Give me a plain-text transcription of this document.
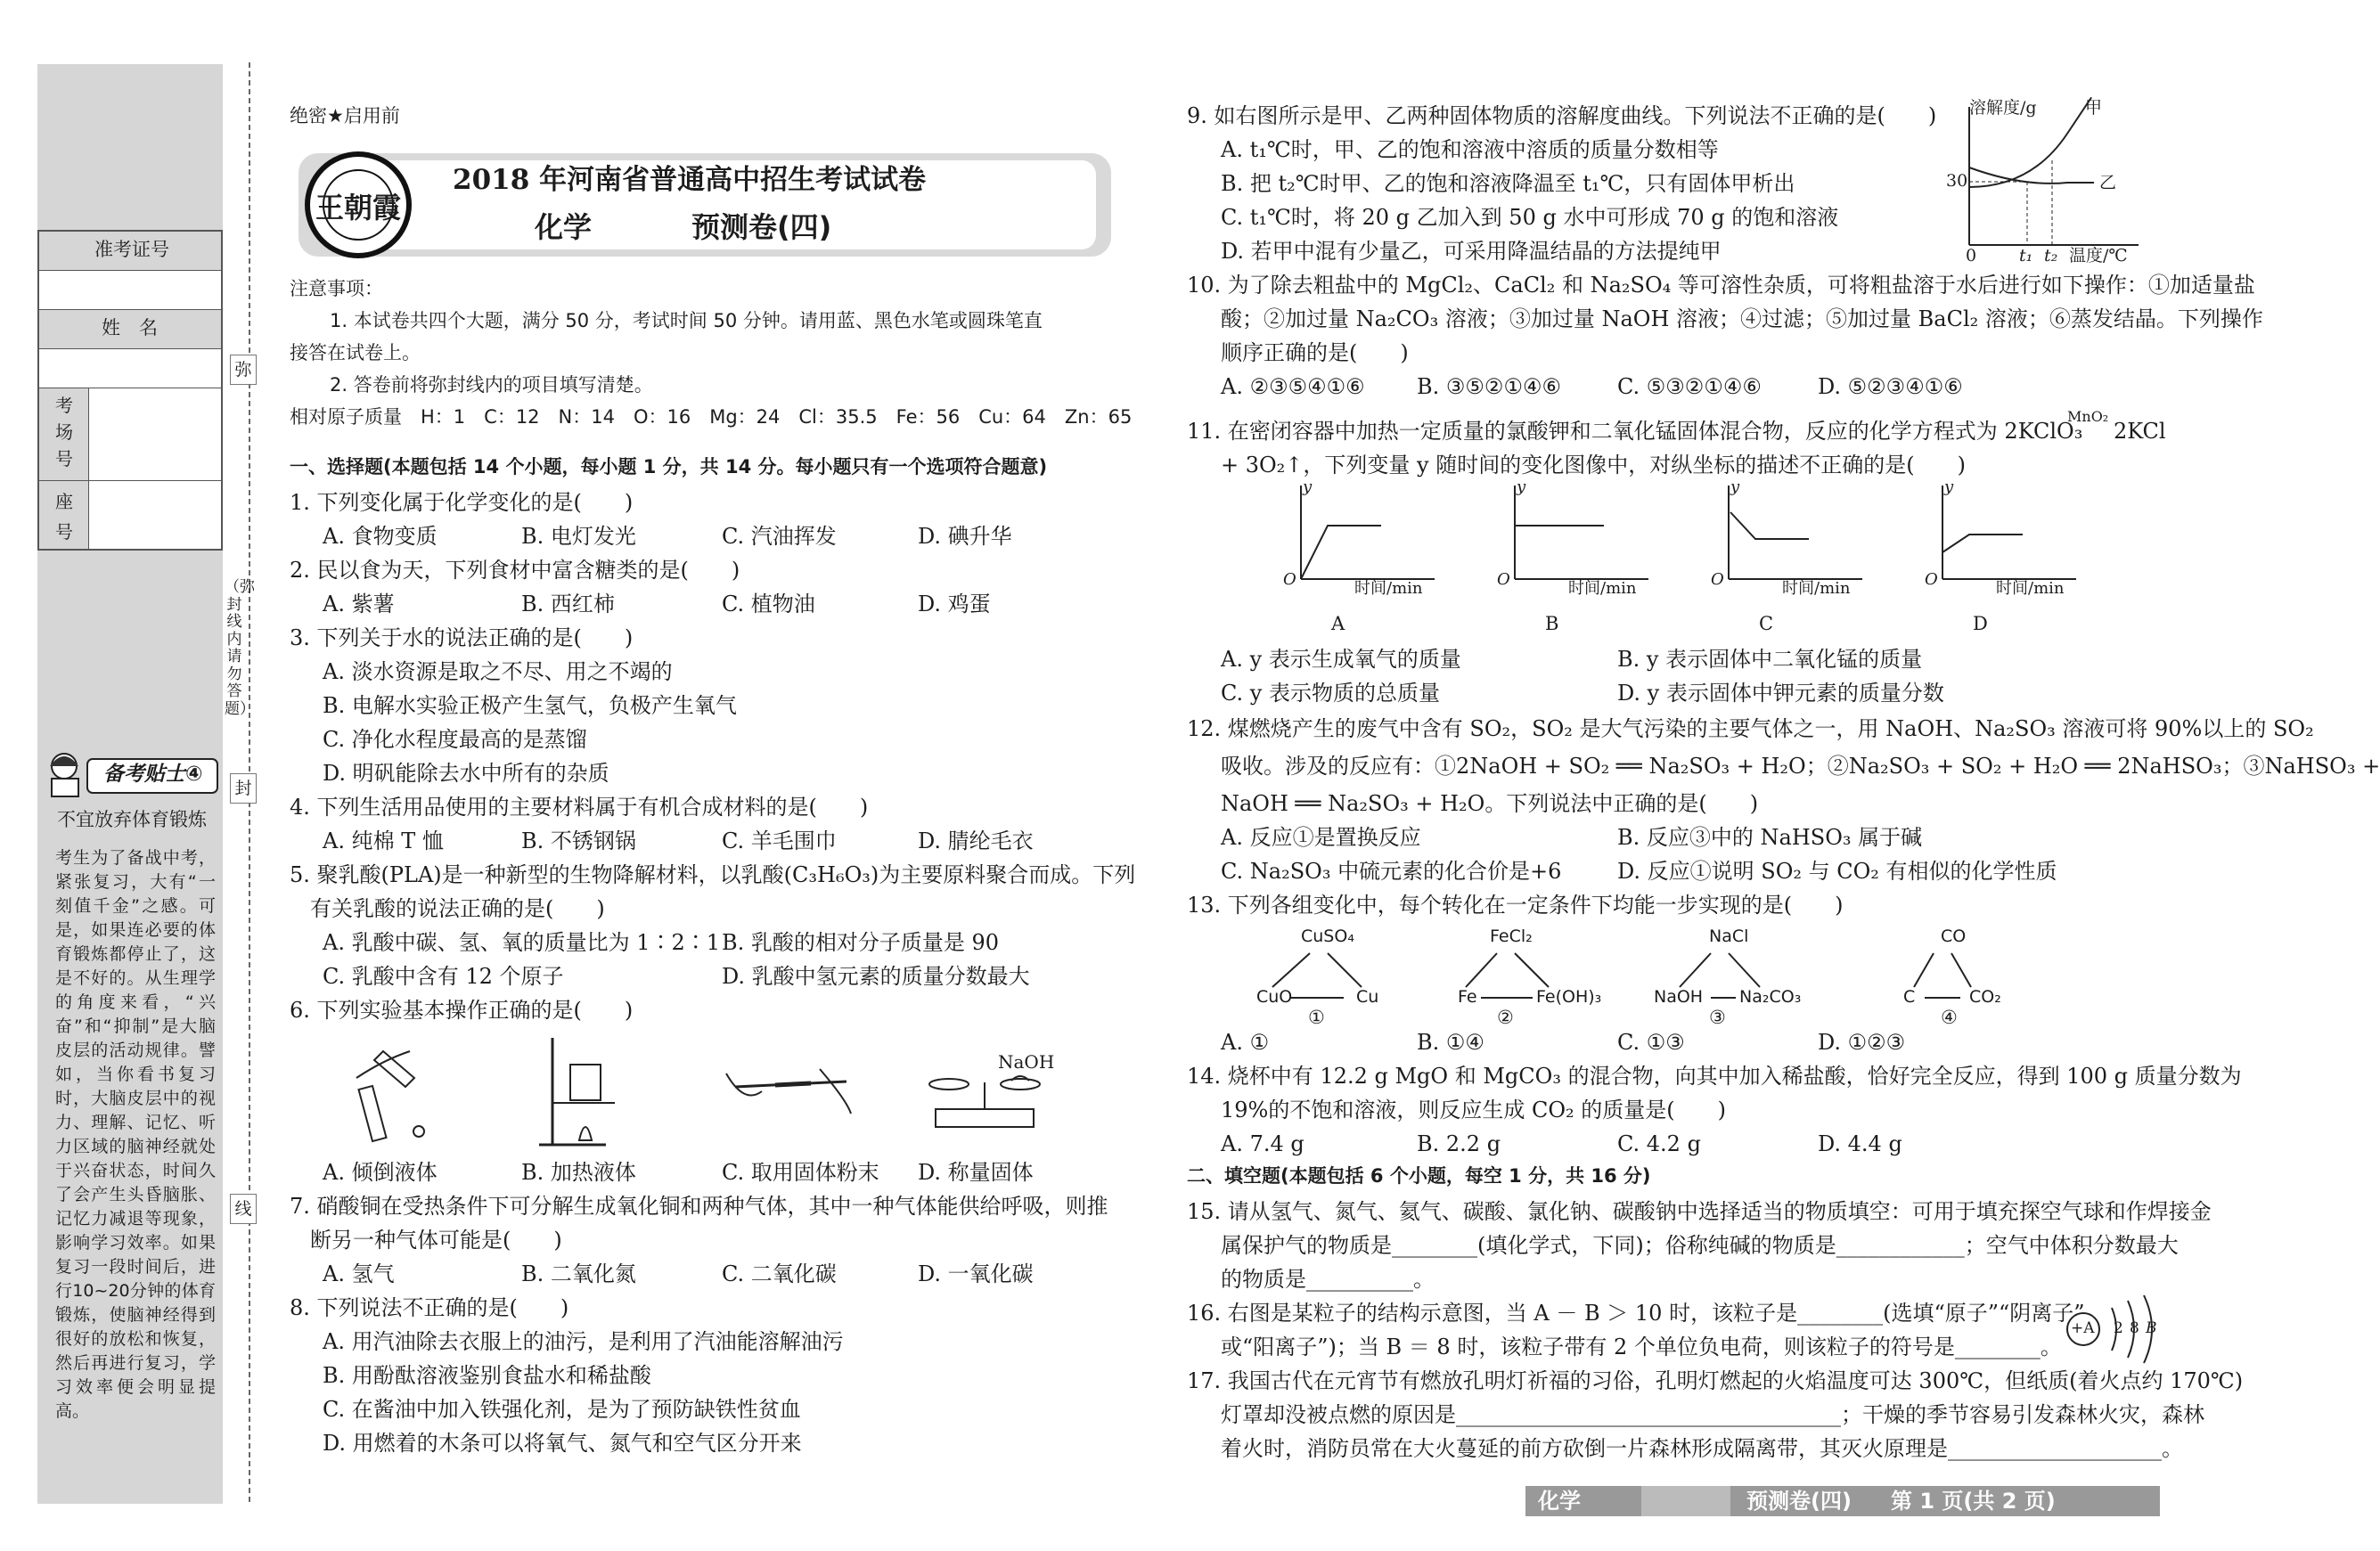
准考证号
姓　名
考 场 号
座 号
弥
封
线
（弥封线内请勿答题）
备考贴士④
不宜放弃体育锻炼
考生为了备战中考，紧张复习，大有“一刻值千金”之感。可是，如果连必要的体育锻炼都停止了，这是不好的。从生理学的角度来看，“兴奋”和“抑制”是大脑皮层的活动规律。譬如，当你看书复习时，大脑皮层中的视力、理解、记忆、听力区域的脑神经就处于兴奋状态，时间久了会产生头昏脑胀、记忆力减退等现象，影响学习效率。如果复习一段时间后，进行10~20分钟的体育锻炼，使脑神经得到很好的放松和恢复，然后再进行复习，学习效率便会明显提高。
绝密★启用前
王朝霞
2018 年河南省普通高中招生考试试卷
化学	预测卷(四)
注意事项：
1. 本试卷共四个大题，满分 50 分，考试时间 50 分钟。请用蓝、黑色水笔或圆珠笔直
接答在试卷上。
2. 答卷前将弥封线内的项目填写清楚。
相对原子质量　H：1　C：12　N：14　O：16　Mg：24　Cl：35.5　Fe：56　Cu：64　Zn：65
一、选择题(本题包括 14 个小题，每小题 1 分，共 14 分。每小题只有一个选项符合题意)
1. 下列变化属于化学变化的是(　　)
A. 食物变质	B. 电灯发光	C. 汽油挥发	D. 碘升华
2. 民以食为天，下列食材中富含糖类的是(　　)
A. 紫薯	B. 西红柿	C. 植物油	D. 鸡蛋
3. 下列关于水的说法正确的是(　　)
A. 淡水资源是取之不尽、用之不竭的
B. 电解水实验正极产生氢气，负极产生氧气
C. 净化水程度最高的是蒸馏
D. 明矾能除去水中所有的杂质
4. 下列生活用品使用的主要材料属于有机合成材料的是(　　)
A. 纯棉 T 恤	B. 不锈钢锅	C. 羊毛围巾	D. 腈纶毛衣
5. 聚乳酸(PLA)是一种新型的生物降解材料，以乳酸(C₃H₆O₃)为主要原料聚合而成。下列
有关乳酸的说法正确的是(　　)
A. 乳酸中碳、氢、氧的质量比为 1∶2∶1 B. 乳酸的相对分子质量是 90
C. 乳酸中含有 12 个原子	D. 乳酸中氢元素的质量分数最大
6. 下列实验基本操作正确的是(　　)
NaOH
A. 倾倒液体	B. 加热液体	C. 取用固体粉末 D. 称量固体
7. 硝酸铜在受热条件下可分解生成氧化铜和两种气体，其中一种气体能供给呼吸，则推
断另一种气体可能是(　　)
A. 氢气	B. 二氧化氮	C. 二氧化碳	D. 一氧化碳
8. 下列说法不正确的是(　　)
A. 用汽油除去衣服上的油污，是利用了汽油能溶解油污
B. 用酚酞溶液鉴别食盐水和稀盐酸
C. 在酱油中加入铁强化剂，是为了预防缺铁性贫血
D. 用燃着的木条可以将氧气、氮气和空气区分开来
9. 如右图所示是甲、乙两种固体物质的溶解度曲线。下列说法不正确的是(　　)
A. t₁℃时，甲、乙的饱和溶液中溶质的质量分数相等
B. 把 t₂℃时甲、乙的饱和溶液降温至 t₁℃，只有固体甲析出
C. t₁℃时，将 20 g 乙加入到 50 g 水中可形成 70 g 的饱和溶液
D. 若甲中混有少量乙，可采用降温结晶的方法提纯甲
溶解度/g	甲
乙
30
0	t₁ t₂ 温度/℃
10. 为了除去粗盐中的 MgCl₂、CaCl₂ 和 Na₂SO₄ 等可溶性杂质，可将粗盐溶于水后进行如下操作：①加适量盐
酸；②加过量 Na₂CO₃ 溶液；③加过量 NaOH 溶液；④过滤；⑤加过量 BaCl₂ 溶液；⑥蒸发结晶。下列操作
顺序正确的是(　　)
A. ②③⑤④①⑥ B. ③⑤②①④⑥	C. ⑤③②①④⑥	D. ⑤②③④①⑥
11. 在密闭容器中加热一定质量的氯酸钾和二氧化锰固体混合物，反应的化学方程式为 2KClO₃
MnO₂
2KCl
+ 3O₂↑，下列变量 y 随时间的变化图像中，对纵坐标的描述不正确的是(　　)
y	y	y	y
O	O	O	O
时间/min	时间/min	时间/min	时间/min
A	B	C	D
A. y 表示生成氧气的质量	B. y 表示固体中二氧化锰的质量
C. y 表示物质的总质量	D. y 表示固体中钾元素的质量分数
12. 煤燃烧产生的废气中含有 SO₂，SO₂ 是大气污染的主要气体之一，用 NaOH、Na₂SO₃ 溶液可将 90%以上的 SO₂
吸收。涉及的反应有：①2NaOH + SO₂ ══ Na₂SO₃ + H₂O；②Na₂SO₃ + SO₂ + H₂O ══ 2NaHSO₃；③NaHSO₃ +
NaOH ══ Na₂SO₃ + H₂O。下列说法中正确的是(　　)
A. 反应①是置换反应	B. 反应③中的 NaHSO₃ 属于碱
C. Na₂SO₃ 中硫元素的化合价是+6	D. 反应①说明 SO₂ 与 CO₂ 有相似的化学性质
13. 下列各组变化中，每个转化在一定条件下均能一步实现的是(　　)
CuSO₄
CuO	Cu
①
FeCl₂
Fe	Fe(OH)₃
②
NaCl
NaOH Na₂CO₃
③
CO
C	CO₂
④
A. ①	B. ①④	C. ①③	D. ①②③
14. 烧杯中有 12.2 g MgO 和 MgCO₃ 的混合物，向其中加入稀盐酸，恰好完全反应，得到 100 g 质量分数为
19%的不饱和溶液，则反应生成 CO₂ 的质量是(　　)
A. 7.4 g	B. 2.2 g	C. 4.2 g	D. 4.4 g
二、填空题(本题包括 6 个小题，每空 1 分，共 16 分)
15. 请从氢气、氮气、氦气、碳酸、氯化钠、碳酸钠中选择适当的物质填空：可用于填充探空气球和作焊接金
属保护气的物质是________(填化学式，下同)；俗称纯碱的物质是____________；空气中体积分数最大
的物质是__________。
16. 右图是某粒子的结构示意图，当 A － B ＞ 10 时，该粒子是________(选填“原子”“阴离子”
或“阳离子”)；当 B ＝ 8 时，该粒子带有 2 个单位负电荷，则该粒子的符号是________。
+A 2 8 B
17. 我国古代在元宵节有燃放孔明灯祈福的习俗，孔明灯燃起的火焰温度可达 300℃，但纸质(着火点约 170℃)
灯罩却没被点燃的原因是____________________________________；干燥的季节容易引发森林火灾，森林
着火时，消防员常在大火蔓延的前方砍倒一片森林形成隔离带，其灭火原理是____________________。
化学	预测卷(四) 第 1 页(共 2 页)
